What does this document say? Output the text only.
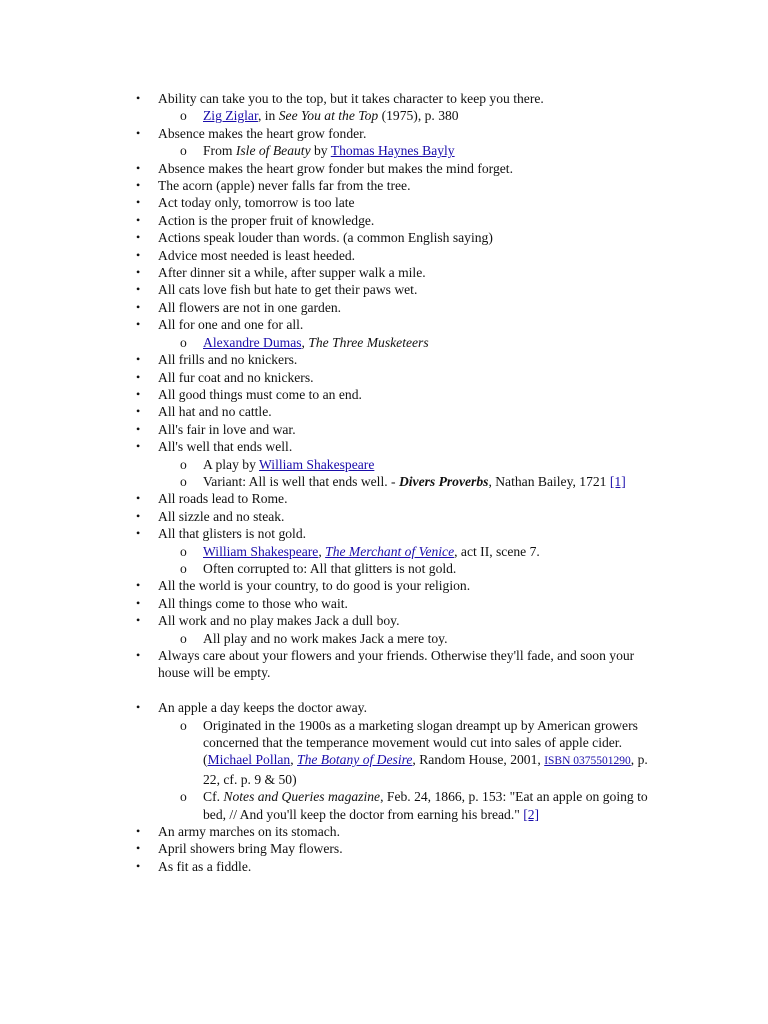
• Ability can take you to the top, but it takes character to keep you there.
o Zig Ziglar, in See You at the Top (1975), p. 380
• Absence makes the heart grow fonder.
o From Isle of Beauty by Thomas Haynes Bayly
• Absence makes the heart grow fonder but makes the mind forget.
• The acorn (apple) never falls far from the tree.
• Act today only, tomorrow is too late
• Action is the proper fruit of knowledge.
• Actions speak louder than words. (a common English saying)
• Advice most needed is least heeded.
• After dinner sit a while, after supper walk a mile.
• All cats love fish but hate to get their paws wet.
• All flowers are not in one garden.
• All for one and one for all.
o Alexandre Dumas, The Three Musketeers
• All frills and no knickers.
• All fur coat and no knickers.
• All good things must come to an end.
• All hat and no cattle.
• All's fair in love and war.
• All's well that ends well.
o A play by William Shakespeare
o Variant: All is well that ends well. - Divers Proverbs, Nathan Bailey, 1721 [1]
• All roads lead to Rome.
• All sizzle and no steak.
• All that glisters is not gold.
o William Shakespeare, The Merchant of Venice, act II, scene 7.
o Often corrupted to: All that glitters is not gold.
• All the world is your country, to do good is your religion.
• All things come to those who wait.
• All work and no play makes Jack a dull boy.
o All play and no work makes Jack a mere toy.
• Always care about your flowers and your friends. Otherwise they'll fade, and soon your house will be empty.
• An apple a day keeps the doctor away.
o Originated in the 1900s as a marketing slogan dreampt up by American growers concerned that the temperance movement would cut into sales of apple cider. (Michael Pollan, The Botany of Desire, Random House, 2001, ISBN 0375501290, p. 22, cf. p. 9 & 50)
o Cf. Notes and Queries magazine, Feb. 24, 1866, p. 153: "Eat an apple on going to bed, // And you'll keep the doctor from earning his bread." [2]
• An army marches on its stomach.
• April showers bring May flowers.
• As fit as a fiddle.
